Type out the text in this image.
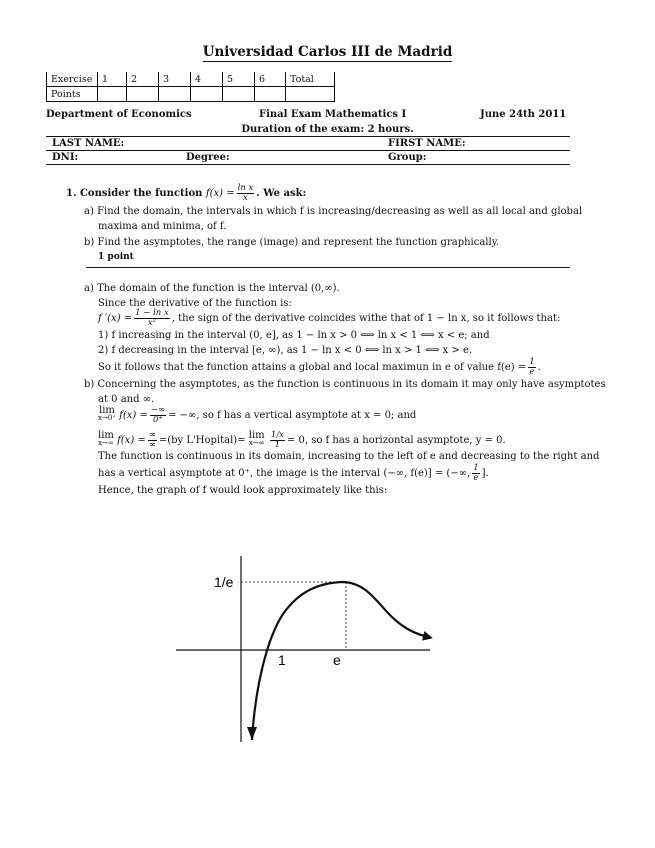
Universidad Carlos III de Madrid
Exercise	1	2	3	4	5	6	Total
Points							
Department of Economics	Final Exam Mathematics I	June 24th 2011
Duration of the exam: 2 hours.
LAST NAME:	FIRST NAME:
DNI:	Degree:	Group:
1. Consider the function $f(x) = \frac{\text{ln x}}{x}$ . We ask:
a) Find the domain, the intervals in which f is increasing/decreasing as well as all local and global
maxima and minima, of f.
b) Find the asymptotes, the range (image) and represent the function graphically.
1 point
a) The domain of the function is the interval (0,∞).
Since the derivative of the function is:
f $'(x) = \frac{\text{1 − ln x}}{\text{x²}}$ , the sign of the derivative coincides withe that of 1 − ln x, so it follows that:
1) f increasing in the interval (0, e], as 1 − ln x > 0 ⟺ ln x < 1 ⟺ x < e; and
2) f decreasing in the interval [e, ∞), as 1 − ln x < 0 ⟺ ln x > 1 ⟺ x > e.
So it follows that the function attains a global and local maximun in e of value $f(e) = \frac{1}{e}$ .
b) Concerning the asymptotes, as the function is continuous in its domain it may only have asymptotes
at 0 and ∞.
lim
x→0⁺ $f(x) = \frac{-\infty}{0^+}$ = −∞, so f has a vertical asymptote at x = 0; and
lim
x→∞ $f(x) = \frac{\infty}{\infty} =(by$ L'Hopital)= lim
x→∞
$\frac{1/x}{1} = 0$, so f has a horizontal asymptote, y = 0.
The function is continuous in its domain, increasing to the left of e and decreasing to the right and
has a vertical asymptote at 0⁺, the image is the interval (−∞, f(e)] = (−∞, $\frac{1}{e}$ ].
Hence, the graph of f would look approximately like this:
1/e
1	e
